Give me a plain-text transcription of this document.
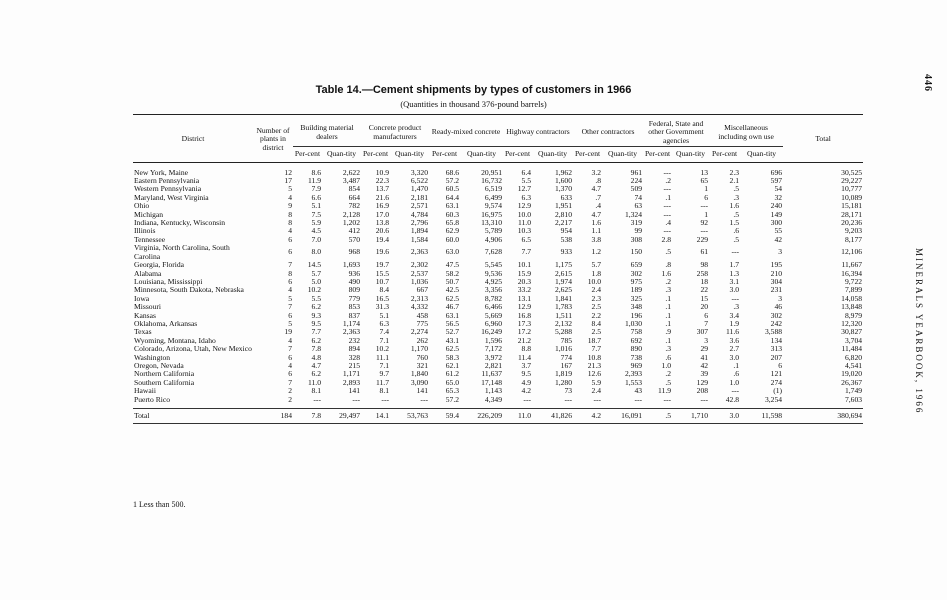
446
MINERALS YEARBOOK, 1966
Table 14.—Cement shipments by types of customers in 1966
(Quantities in thousand 376-pound barrels)
District	Number of plants in district	Building material dealers		Concrete product manufacturers		Ready-mixed concrete		Highway contractors		Other contractors		Federal, State and other Government agencies		Miscellaneous including own use		Total
		Per-cent	Quan-tity	Per-cent	Quan-tity	Per-cent	Quan-tity	Per-cent	Quan-tity	Per-cent	Quan-tity	Per-cent	Quan-tity	Per-cent	Quan-tity	
New York, Maine	12	8.6	2,622	10.9	3,320	68.6	20,951	6.4	1,962	3.2	961	---	13	2.3	696	30,525
Eastern Pennsylvania	17	11.9	3,487	22.3	6,522	57.2	16,732	5.5	1,600	.8	224	.2	65	2.1	597	29,227
Western Pennsylvania	5	7.9	854	13.7	1,470	60.5	6,519	12.7	1,370	4.7	509	---	1	.5	54	10,777
Maryland, West Virginia	4	6.6	664	21.6	2,181	64.4	6,499	6.3	633	.7	74	.1	6	.3	32	10,089
Ohio	9	5.1	782	16.9	2,571	63.1	9,574	12.9	1,951	.4	63	---	---	1.6	240	15,181
Michigan	8	7.5	2,128	17.0	4,784	60.3	16,975	10.0	2,810	4.7	1,324	---	1	.5	149	28,171
Indiana, Kentucky, Wisconsin	8	5.9	1,202	13.8	2,796	65.8	13,310	11.0	2,217	1.6	319	.4	92	1.5	300	20,236
Illinois	4	4.5	412	20.6	1,894	62.9	5,789	10.3	954	1.1	99	---	---	.6	55	9,203
Tennessee	6	7.0	570	19.4	1,584	60.0	4,906	6.5	538	3.8	308	2.8	229	.5	42	8,177
Virginia, North Carolina, South Carolina	6	8.0	968	19.6	2,363	63.0	7,628	7.7	933	1.2	150	.5	61	---	3	12,106
Georgia, Florida	7	14.5	1,693	19.7	2,302	47.5	5,545	10.1	1,175	5.7	659	.8	98	1.7	195	11,667
Alabama	8	5.7	936	15.5	2,537	58.2	9,536	15.9	2,615	1.8	302	1.6	258	1.3	210	16,394
Louisiana, Mississippi	6	5.0	490	10.7	1,036	50.7	4,925	20.3	1,974	10.0	975	.2	18	3.1	304	9,722
Minnesota, South Dakota, Nebraska	4	10.2	809	8.4	667	42.5	3,356	33.2	2,625	2.4	189	.3	22	3.0	231	7,899
Iowa	5	5.5	779	16.5	2,313	62.5	8,782	13.1	1,841	2.3	325	.1	15	---	3	14,058
Missouri	7	6.2	853	31.3	4,332	46.7	6,466	12.9	1,783	2.5	348	.1	20	.3	46	13,848
Kansas	6	9.3	837	5.1	458	63.1	5,669	16.8	1,511	2.2	196	.1	6	3.4	302	8,979
Oklahoma, Arkansas	5	9.5	1,174	6.3	775	56.5	6,960	17.3	2,132	8.4	1,030	.1	7	1.9	242	12,320
Texas	19	7.7	2,363	7.4	2,274	52.7	16,249	17.2	5,288	2.5	758	.9	307	11.6	3,588	30,827
Wyoming, Montana, Idaho	4	6.2	232	7.1	262	43.1	1,596	21.2	785	18.7	692	.1	3	3.6	134	3,704
Colorado, Arizona, Utah, New Mexico	7	7.8	894	10.2	1,170	62.5	7,172	8.8	1,016	7.7	890	.3	29	2.7	313	11,484
Washington	6	4.8	328	11.1	760	58.3	3,972	11.4	774	10.8	738	.6	41	3.0	207	6,820
Oregon, Nevada	4	4.7	215	7.1	321	62.1	2,821	3.7	167	21.3	969	1.0	42	.1	6	4,541
Northern California	6	6.2	1,171	9.7	1,840	61.2	11,637	9.5	1,819	12.6	2,393	.2	39	.6	121	19,020
Southern California	7	11.0	2,893	11.7	3,090	65.0	17,148	4.9	1,280	5.9	1,553	.5	129	1.0	274	26,367
Hawaii	2	8.1	141	8.1	141	65.3	1,143	4.2	73	2.4	43	11.9	208	---	(1)	1,749
Puerto Rico	2	---	---	---	---	57.2	4,349	---	---	---	---	---	---	42.8	3,254	7,603
Total	184	7.8	29,497	14.1	53,763	59.4	226,209	11.0	41,826	4.2	16,091	.5	1,710	3.0	11,598	380,694
1 Less than 500.
